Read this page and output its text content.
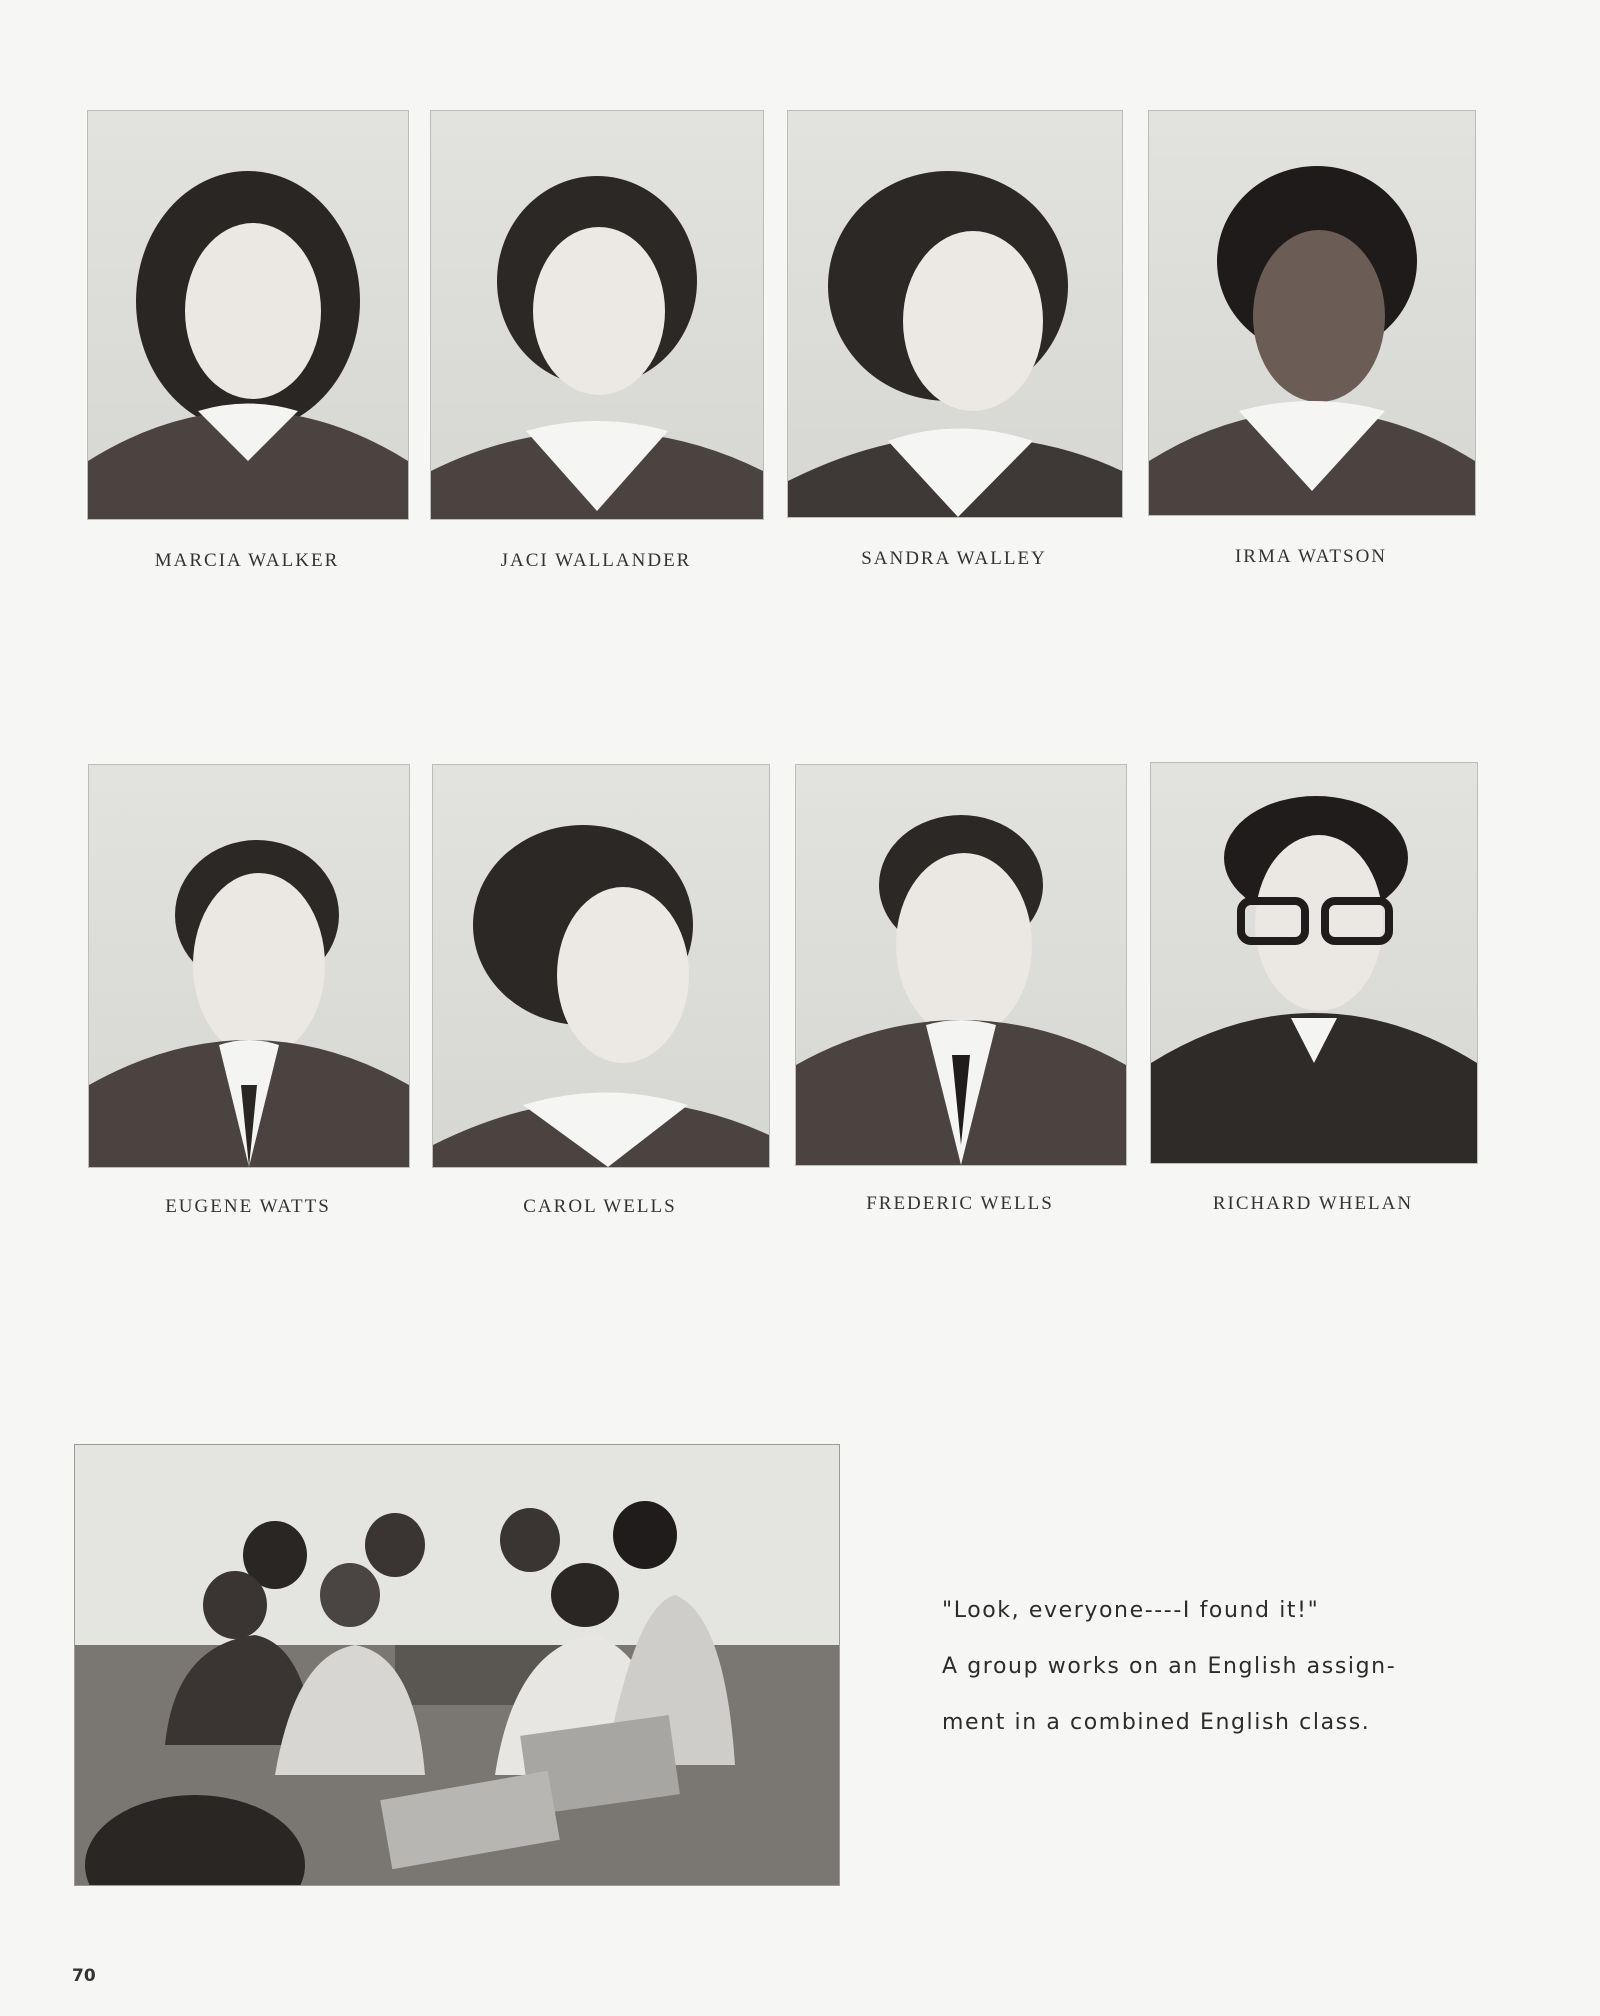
MARCIA WALKER	JACI WALLANDER	SANDRA WALLEY	IRMA WATSON
EUGENE WATTS	CAROL WELLS	FREDERIC WELLS	RICHARD WHELAN

"Look, everyone----I found it!"

A group works on an English assign-

ment in a combined English class.

70
